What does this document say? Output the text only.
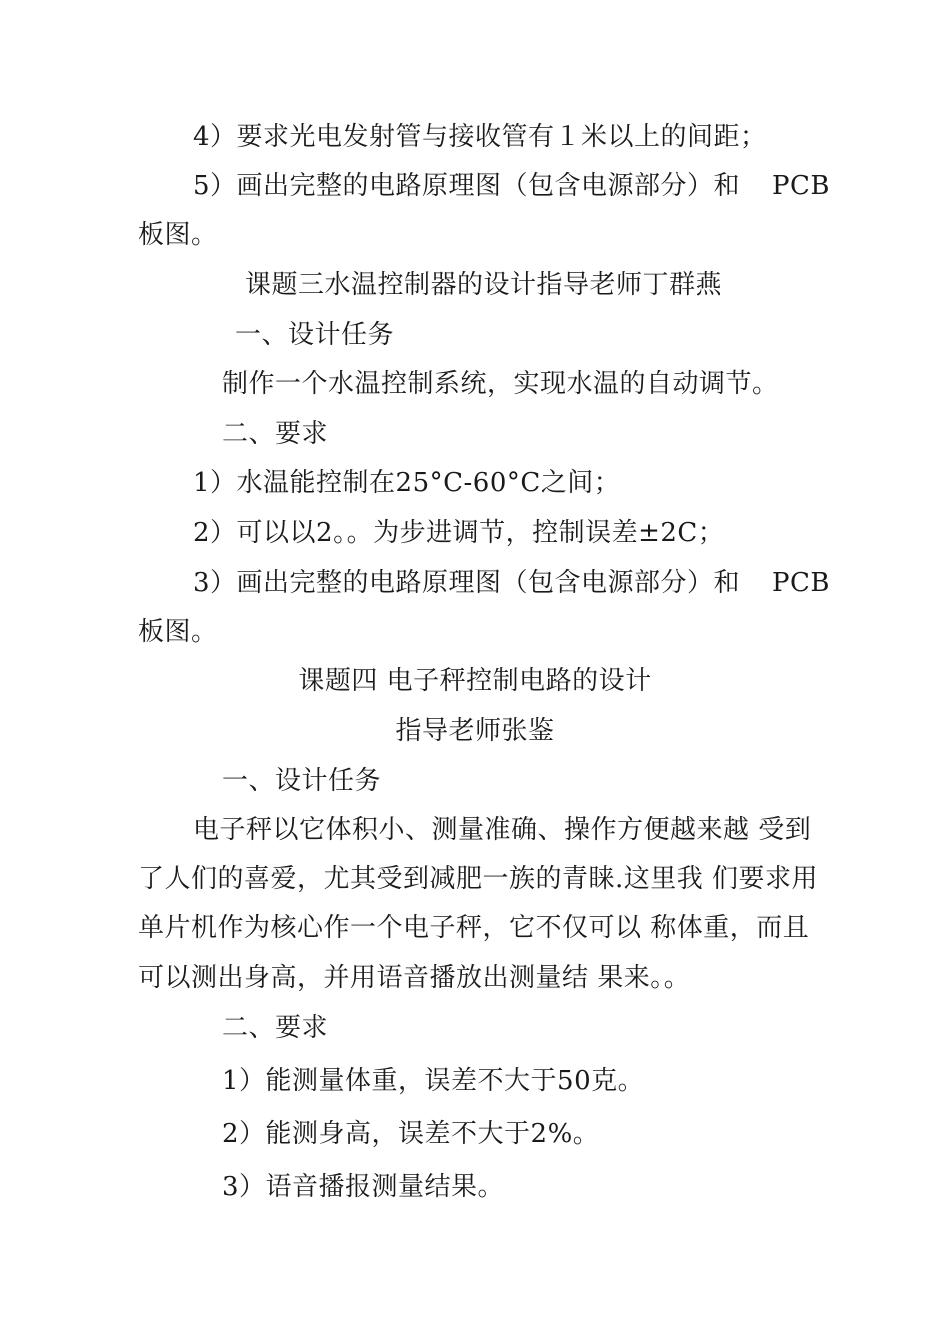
4）要求光电发射管与接收管有１米以上的间距；
5）画出完整的电路原理图（包含电源部分）和 PCB
板图。
课题三水温控制器的设计指导老师丁群燕
一、设计任务
制作一个水温控制系统，实现水温的自动调节。
二、要求
1）水温能控制在25°C-60°C之间；
2）可以以2。。为步进调节，控制误差±2C；
3）画出完整的电路原理图（包含电源部分）和 PCB
板图。
课题四 电子秤控制电路的设计
指导老师张鉴
一、设计任务
电子秤以它体积小、测量准确、操作方便越来越 受到
了人们的喜爱，尤其受到减肥一族的青睐.这里我 们要求用
单片机作为核心作一个电子秤，它不仅可以 称体重，而且
可以测出身高，并用语音播放出测量结 果来。。
二、要求
1）能测量体重，误差不大于50克。
2）能测身高，误差不大于2%。
3）语音播报测量结果。
